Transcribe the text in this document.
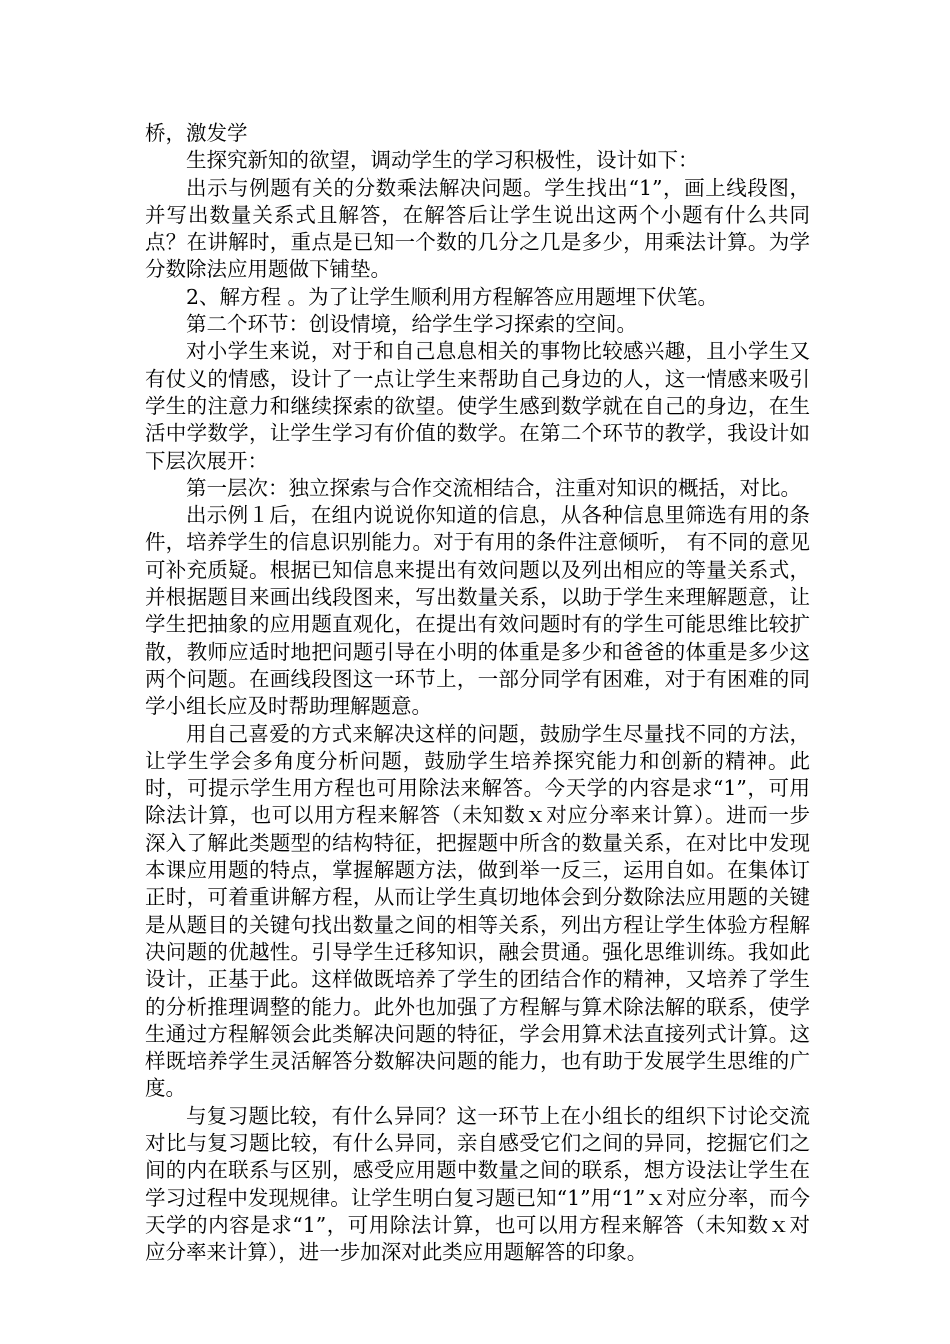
桥，激发学

生探究新知的欲望，调动学生的学习积极性，设计如下：

出示与例题有关的分数乘法解决问题。学生找出“1”，画上线段图，并写出数量关系式且解答，在解答后让学生说出这两个小题有什么共同点？在讲解时，重点是已知一个数的几分之几是多少，用乘法计算。为学分数除法应用题做下铺垫。

2、解方程 。为了让学生顺利用方程解答应用题埋下伏笔。

第二个环节：创设情境，给学生学习探索的空间。

对小学生来说，对于和自己息息相关的事物比较感兴趣，且小学生又有仗义的情感，设计了一点让学生来帮助自己身边的人，这一情感来吸引学生的注意力和继续探索的欲望。使学生感到数学就在自己的身边，在生活中学数学，让学生学习有价值的数学。在第二个环节的教学，我设计如下层次展开：

第一层次：独立探索与合作交流相结合，注重对知识的概括，对比。

出示例１后，在组内说说你知道的信息，从各种信息里筛选有用的条件，培养学生的信息识别能力。对于有用的条件注意倾听， 有不同的意见可补充质疑。根据已知信息来提出有效问题以及列出相应的等量关系式，并根据题目来画出线段图来，写出数量关系，以助于学生来理解题意，让学生把抽象的应用题直观化，在提出有效问题时有的学生可能思维比较扩散，教师应适时地把问题引导在小明的体重是多少和爸爸的体重是多少这两个问题。在画线段图这一环节上，一部分同学有困难，对于有困难的同学小组长应及时帮助理解题意。

用自己喜爱的方式来解决这样的问题，鼓励学生尽量找不同的方法，让学生学会多角度分析问题，鼓励学生培养探究能力和创新的精神。此时，可提示学生用方程也可用除法来解答。今天学的内容是求“1”，可用除法计算，也可以用方程来解答（未知数ｘ对应分率来计算）。进而一步深入了解此类题型的结构特征，把握题中所含的数量关系，在对比中发现本课应用题的特点，掌握解题方法，做到举一反三，运用自如。在集体订正时，可着重讲解方程，从而让学生真切地体会到分数除法应用题的关键是从题目的关键句找出数量之间的相等关系，列出方程让学生体验方程解决问题的优越性。引导学生迁移知识，融会贯通。强化思维训练。我如此设计，正基于此。这样做既培养了学生的团结合作的精神，又培养了学生的分析推理调整的能力。此外也加强了方程解与算术除法解的联系，使学生通过方程解领会此类解决问题的特征，学会用算术法直接列式计算。这样既培养学生灵活解答分数解决问题的能力，也有助于发展学生思维的广度。

与复习题比较，有什么异同？这一环节上在小组长的组织下讨论交流对比与复习题比较，有什么异同，亲自感受它们之间的异同，挖掘它们之间的内在联系与区别，感受应用题中数量之间的联系，想方设法让学生在学习过程中发现规律。让学生明白复习题已知“1”用“1”ｘ对应分率，而今天学的内容是求“1”，可用除法计算，也可以用方程来解答（未知数ｘ对应分率来计算），进一步加深对此类应用题解答的印象。
